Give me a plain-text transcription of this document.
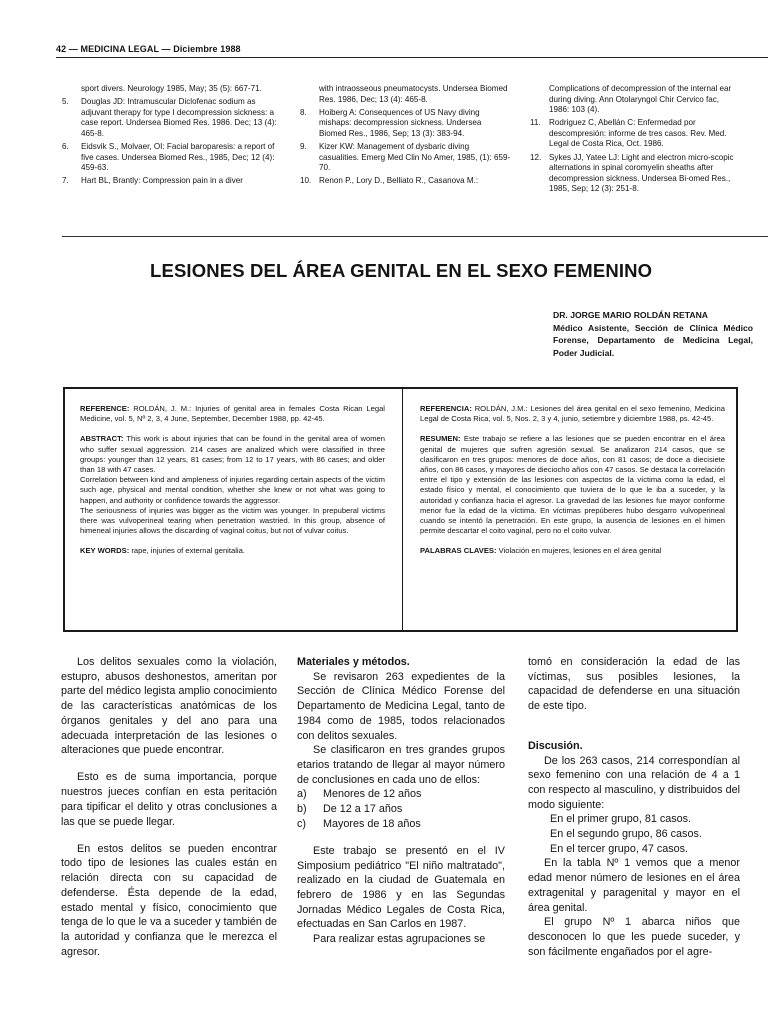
42 — MEDICINA LEGAL — Diciembre 1988
sport divers. Neurology 1985, May; 35 (5): 667-71.
5. Douglas JD: Intramuscular Diclofenac sodium as adjuvant therapy for type I decompression sickness: a case report. Undersea Biomed Res. 1986. Dec; 13 (4): 465-8.
6. Eidsvik S., Molvaer, OI: Facial baroparesis: a report of five cases. Undersea Biomed Res., 1985, Dec; 12 (4): 459-63.
7. Hart BL, Brantly: Compression pain in a diver
with intraosseous pneumatocysts. Undersea Biomed Res. 1986, Dec; 13 (4): 465-8.
8. Hoiberg A: Consequences of US Navy diving mishaps: decompression sickness. Undersea Biomed Res., 1986, Sep; 13 (3): 383-94.
9. Kizer KW: Management of dysbaric diving casualities. Emerg Med Clin No Amer, 1985, (1): 659-70.
10. Renon P., Lory D., Belliato R., Casanova M.:
Complications of decompression of the internal ear during diving. Ann Otolaryngol Chir Cervico fac, 1986: 103 (4).
11. Rodriguez C, Abellán C: Enfermedad por descompresión: informe de tres casos. Rev. Med. Legal de Costa Rica, Oct. 1986.
12. Sykes JJ, Yatee LJ: Light and electron micro-scopic alternations in spinal coromyelin sheaths after decompression sickness. Undersea Bi-omed Res., 1985, Sep; 12 (3): 251-8.
LESIONES DEL ÁREA GENITAL EN EL SEXO FEMENINO
DR. JORGE MARIO ROLDÁN RETANA
Médico Asistente, Sección de Clínica Médico Forense, Departamento de Medicina Legal, Poder Judicial.

REFERENCE: ROLDÁN, J. M.: Injuries of genital area in females Costa Rican Legal Medicine, vol. 5, Nº 2, 3, 4 June, September, December 1988, pp. 42-45.

ABSTRACT: This work is about injuries that can be found in the genital area of women who suffer sexual aggression. 214 cases are analized which were classified in three groups: younger than 12 years, 81 cases; from 12 to 17 years, with 86 cases; and older than 18 with 47 cases.

Correlation between kind and ampleness of injuries regarding certain aspects of the victim such age, physical and mental condition, whether she knew or not what was going to happen, and authority or confidence towards the aggressor.

The seriousness of injuries was bigger as the victim was younger. In prepuberal victims there was vulvoperineal tearing when penetration wastried. In this group, absence of himeneal injuries allows the discarding of vaginal coitus, but not of vulvar coitus.

KEY WORDS: rape, injuries of external genitalia.

REFERENCIA: ROLDÁN, J.M.: Lesiones del área genital en el sexo femenino, Medicina Legal de Costa Rica, vol. 5, Nos. 2, 3 y 4, junio, setiembre y diciembre 1988, ps. 42-45.

RESUMEN: Este trabajo se refiere a las lesiones que se pueden encontrar en el área genital de mujeres que sufren agresión sexual. Se analizaron 214 casos, que se clasificaron en tres grupos: menores de doce años, con 81 casos; de doce a diecisiete años, con 86 casos, y mayores de dieciocho años con 47 casos. Se destaca la correlación entre el tipo y extensión de las lesiones con aspectos de la víctima como la edad, el estado físico y mental, el conocimiento que tuviera de lo que le iba a suceder, y la autoridad y confianza hacia el agresor. La gravedad de las lesiones fue mayor conforme menor fue la edad de la víctima. En víctimas prepúberes hubo desgarro vulvoperineal cuando se intentó la penetración. En este grupo, la ausencia de lesiones en el himen permite descartar el coito vaginal, pero no el coito vulvar.

PALABRAS CLAVES: Violación en mujeres, lesiones en el área genital

Los delitos sexuales como la violación, estupro, abusos deshonestos, ameritan por parte del médico legista amplio conocimiento de las características anatómicas de los órganos genitales y del ano para una adecuada interpretación de las lesiones o alteraciones que puede encontrar.

Esto es de suma importancia, porque nuestros jueces confían en esta peritación para tipificar el delito y otras conclusiones a las que se puede llegar.

En estos delitos se pueden encontrar todo tipo de lesiones las cuales están en relación directa con su capacidad de defenderse. Ésta depende de la edad, estado mental y físico, conocimiento que tenga de lo que le va a suceder y también de la autoridad y confianza que le merezca el agresor.

Materiales y métodos.

Se revisaron 263 expedientes de la Sección de Clínica Médico Forense del Departamento de Medicina Legal, tanto de 1984 como de 1985, todos relacionados con delitos sexuales.

Se clasificaron en tres grandes grupos etarios tratando de llegar al mayor número de conclusiones en cada uno de ellos:

a) Menores de 12 años
b) De 12 a 17 años
c) Mayores de 18 años

Este trabajo se presentó en el IV Simposium pediátrico "El niño maltratado", realizado en la ciudad de Guatemala en febrero de 1986 y en las Segundas Jornadas Médico Legales de Costa Rica, efectuadas en San Carlos en 1987.

Para realizar estas agrupaciones se

tomó en consideración la edad de las víctimas, sus posibles lesiones, la capacidad de defenderse en una situación de este tipo.

Discusión.

De los 263 casos, 214 correspondían al sexo femenino con una relación de 4 a 1 con respecto al masculino, y distribuidos del modo siguiente:

En el primer grupo, 81 casos.

En el segundo grupo, 86 casos.

En el tercer grupo, 47 casos.

En la tabla Nº 1 vemos que a menor edad menor número de lesiones en el área extragenital y paragenital y mayor en el área genital.

El grupo Nº 1 abarca niños que desconocen lo que les puede suceder, y son fácilmente engañados por el agre-
